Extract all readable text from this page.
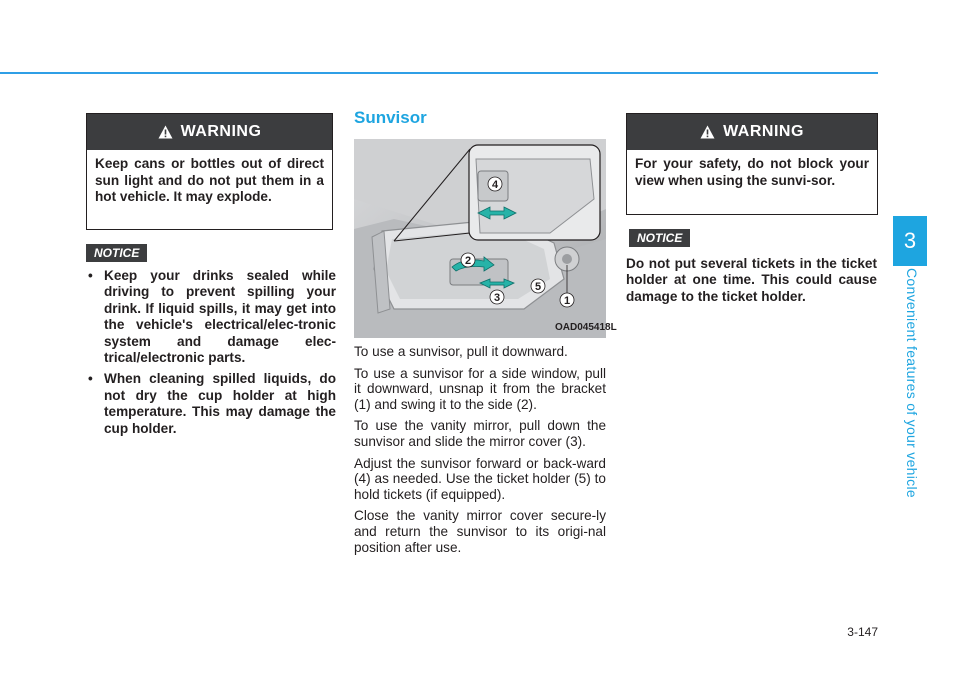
WARNING
Keep cans or bottles out of direct sun light and do not put them in a hot vehicle. It may explode.
NOTICE
• Keep your drinks sealed while driving to prevent spilling your drink. If liquid spills, it may get into the vehicle's electrical/elec-tronic system and damage elec-trical/electronic parts.
• When cleaning spilled liquids, do not dry the cup holder at high temperature. This may damage the cup holder.
Sunvisor
1
2
3
4
5
OAD045418L

To use a sunvisor, pull it downward.

To use a sunvisor for a side window, pull it downward, unsnap it from the bracket (1) and swing it to the side (2).

To use the vanity mirror, pull down the sunvisor and slide the mirror cover (3).

Adjust the sunvisor forward or back-ward (4) as needed. Use the ticket holder (5) to hold tickets (if equipped).

Close the vanity mirror cover secure-ly and return the sunvisor to its origi-nal position after use.

WARNING
For your safety, do not block your view when using the sunvi-sor.
NOTICE
Do not put several tickets in the ticket holder at one time. This could cause damage to the ticket holder.
3
Convenient features of your vehicle
3-147
